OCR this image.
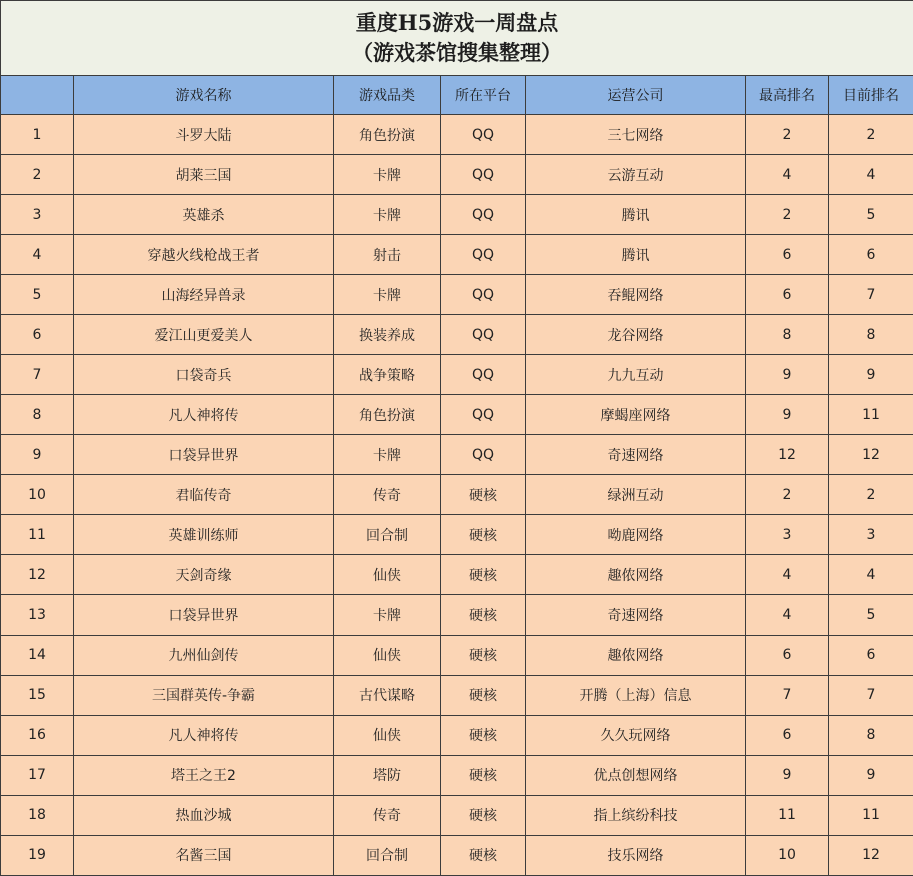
重度H5游戏一周盘点
（游戏茶馆搜集整理）						

	游戏名称	游戏品类	所在平台	运营公司	最高排名	目前排名
1	斗罗大陆	角色扮演	QQ	三七网络	2	2
2	胡莱三国	卡牌	QQ	云游互动	4	4
3	英雄杀	卡牌	QQ	腾讯	2	5
4	穿越火线枪战王者	射击	QQ	腾讯	6	6
5	山海经异兽录	卡牌	QQ	吞鲲网络	6	7
6	爱江山更爱美人	换装养成	QQ	龙谷网络	8	8
7	口袋奇兵	战争策略	QQ	九九互动	9	9
8	凡人神将传	角色扮演	QQ	摩蝎座网络	9	11
9	口袋异世界	卡牌	QQ	奇速网络	12	12
10	君临传奇	传奇	硬核	绿洲互动	2	2
11	英雄训练师	回合制	硬核	呦鹿网络	3	3
12	天剑奇缘	仙侠	硬核	趣侬网络	4	4
13	口袋异世界	卡牌	硬核	奇速网络	4	5
14	九州仙剑传	仙侠	硬核	趣侬网络	6	6
15	三国群英传-争霸	古代谋略	硬核	开腾（上海）信息	7	7
16	凡人神将传	仙侠	硬核	久久玩网络	6	8
17	塔王之王2	塔防	硬核	优点创想网络	9	9
18	热血沙城	传奇	硬核	指上缤纷科技	11	11
19	名酱三国	回合制	硬核	技乐网络	10	12
